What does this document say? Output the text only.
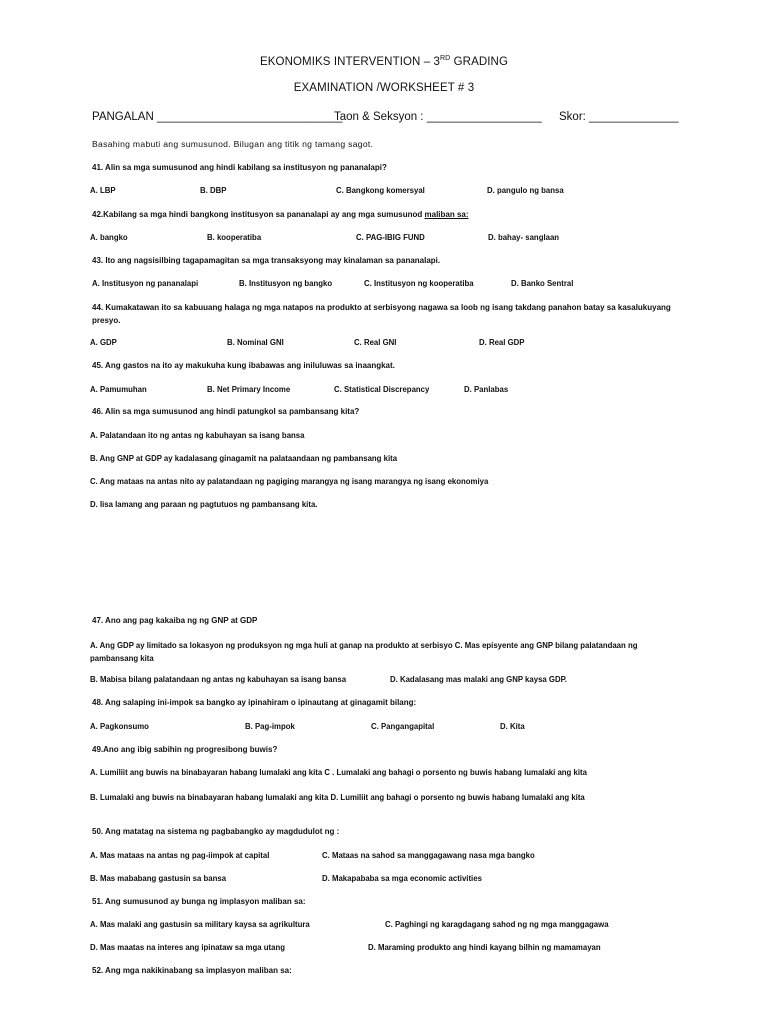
EKONOMIKS INTERVENTION – 3RD GRADING
EXAMINATION /WORKSHEET # 3
PANGALAN _____________________________
Taon & Seksyon : __________________ Skor: ______________
Basahing mabuti ang sumusunod. Bilugan ang titik ng tamang sagot.
41. Alin sa mga sumusunod ang hindi kabilang sa institusyon ng pananalapi?
A. LBP	B. DBP	C. Bangkong komersyal	D. pangulo ng bansa
42.Kabilang sa mga hindi bangkong institusyon sa pananalapi ay ang mga sumusunod maliban sa:
A. bangko	B. kooperatiba	C. PAG-IBIG FUND	D. bahay- sanglaan
43. Ito ang nagsisilbing tagapamagitan sa mga transaksyong may kinalaman sa pananalapi.
A. Institusyon ng pananalapi	B. Institusyon ng bangko	C. Institusyon ng kooperatiba	D. Banko Sentral
44. Kumakatawan ito sa kabuuang halaga ng mga natapos na produkto at serbisyong nagawa sa loob ng isang takdang panahon batay sa kasalukuyang presyo.
A. GDP	B. Nominal GNI	C. Real GNI	D. Real GDP
45. Ang gastos na ito ay makukuha kung ibabawas ang iniluluwas sa inaangkat.
A. Pamumuhan	B. Net Primary Income	C. Statistical Discrepancy	D. Panlabas
46. Alin sa mga sumusunod ang hindi patungkol sa pambansang kita?
A. Palatandaan ito ng antas ng kabuhayan sa isang bansa
B. Ang GNP at GDP ay kadalasang ginagamit na palataandaan ng pambansang kita
C. Ang mataas na antas nito ay palatandaan ng pagiging marangya ng isang marangya ng isang ekonomiya
D. Iisa lamang ang paraan ng pagtutuos ng pambansang kita.
47. Ano ang pag kakaiba ng ng GNP at GDP
A. Ang GDP ay limitado sa lokasyon ng produksyon ng mga huli at ganap na produkto at serbisyo C. Mas episyente ang GNP bilang palatandaan ng pambansang kita
B. Mabisa bilang palatandaan ng antas ng kabuhayan sa isang bansa	D. Kadalasang mas malaki ang GNP kaysa GDP.
48. Ang salaping ini-impok sa bangko ay ipinahiram o ipinautang at ginagamit bilang:
A. Pagkonsumo	B. Pag-impok	C. Pangangapital	D. Kita
49.Ano ang ibig sabihin ng progresibong buwis?
A. Lumiliit ang buwis na binabayaran habang lumalaki ang kita C . Lumalaki ang bahagi o porsento ng buwis habang lumalaki ang kita
B. Lumalaki ang buwis na binabayaran habang lumalaki ang kita D. Lumiliit ang bahagi o porsento ng buwis habang lumalaki ang kita
50. Ang matatag na sistema ng pagbabangko ay magdudulot ng :
A. Mas mataas na antas ng pag-iimpok at capital	C. Mataas na sahod sa manggagawang nasa mga bangko
B. Mas mababang gastusin sa bansa	D. Makapababa sa mga economic activities
51. Ang sumusunod ay bunga ng implasyon maliban sa:
A. Mas malaki ang gastusin sa military kaysa sa agrikultura	C. Paghingi ng karagdagang sahod ng ng mga manggagawa
D. Mas maatas na interes ang ipinataw sa mga utang	D. Maraming produkto ang hindi kayang bilhin ng mamamayan
52. Ang mga nakikinabang sa implasyon maliban sa:
